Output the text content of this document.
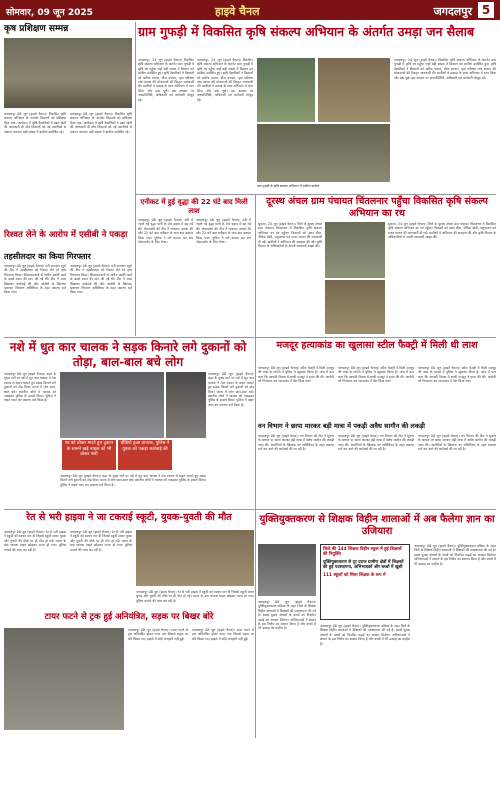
सोमवार, 09 जून 2025	हाइवे चैनल	जगदलपुर 5
कृष प्रशिक्षण सम्मन्न
जगदलपुर 08 जून (हाइवे चैनल)। विकसित कृषि संकल्प अभियान के अंतर्गत किसानों को प्रशिक्षण दिया गया। कार्यक्रम में कृषि वैज्ञानिकों ने उन्नत खेती की जानकारी दी और किसानों को नई तकनीकों से अवगत कराया। बड़ी संख्या में ग्रामीण उपस्थित रहे।
जगदलपुर 08 जून (हाइवे चैनल)। विकसित कृषि संकल्प अभियान के अंतर्गत किसानों को प्रशिक्षण दिया गया। कार्यक्रम में कृषि वैज्ञानिकों ने उन्नत खेती की जानकारी दी और किसानों को नई तकनीकों से अवगत कराया। बड़ी संख्या में ग्रामीण उपस्थित रहे।
ग्राम गुफड़ी में विकसित कृषि संकल्प अभियान के अंतर्गत उमड़ा जन सैलाब
जगदलपुर, 24 जून (हाइवे चैनल)। विकसित कृषि संकल्प अभियान के अंतर्गत ग्राम गुफड़ी में कृषि रथ पहुँचा जहाँ बड़ी संख्या में किसान एवं ग्रामीण उपस्थित हुए। कृषि वैज्ञानिकों ने किसानों को खरीफ फसल, बीज उपचार, मृदा परीक्षण तथा शासन की योजनाओं की विस्तृत जानकारी दी। ग्रामीणों ने उत्साह के साथ अभियान में भाग लिया और प्रश्न पूछे। इस अवसर पर जनप्रतिनिधि, अधिकारी एवं कर्मचारी मौजूद रहे।
जगदलपुर, 24 जून (हाइवे चैनल)। विकसित कृषि संकल्प अभियान के अंतर्गत ग्राम गुफड़ी में कृषि रथ पहुँचा जहाँ बड़ी संख्या में किसान एवं ग्रामीण उपस्थित हुए। कृषि वैज्ञानिकों ने किसानों को खरीफ फसल, बीज उपचार, मृदा परीक्षण तथा शासन की योजनाओं की विस्तृत जानकारी दी। ग्रामीणों ने उत्साह के साथ अभियान में भाग लिया और प्रश्न पूछे। इस अवसर पर जनप्रतिनिधि, अधिकारी एवं कर्मचारी मौजूद रहे।
ग्राम गुफड़ी के कृषि संकल्प अभियान में शामिल ग्रामीण
जगदलपुर, 24 जून (हाइवे चैनल)। विकसित कृषि संकल्प अभियान के अंतर्गत ग्राम गुफड़ी में कृषि रथ पहुँचा जहाँ बड़ी संख्या में किसान एवं ग्रामीण उपस्थित हुए। कृषि वैज्ञानिकों ने किसानों को खरीफ फसल, बीज उपचार, मृदा परीक्षण तथा शासन की योजनाओं की विस्तृत जानकारी दी। ग्रामीणों ने उत्साह के साथ अभियान में भाग लिया और प्रश्न पूछे। इस अवसर पर जनप्रतिनिधि, अधिकारी एवं कर्मचारी मौजूद रहे।
रिश्वत लेने के आरोप में एसीबी ने पकड़ा
तहसीलदार का किया गिरफ्तार
जगदलपुर 08 जून (हाइवे चैनल)। एंटी करप्शन ब्यूरो की टीम ने तहसीलदार को रिश्वत लेते रंगे हाथ गिरफ्तार किया। शिकायतकर्ता से जमीन संबंधी कार्य के बदले रकम की मांग की गई थी। टीम ने जाल बिछाकर कार्रवाई की और आरोपी के खिलाफ भ्रष्टाचार निवारण अधिनियम के तहत प्रकरण दर्ज किया गया।
जगदलपुर 08 जून (हाइवे चैनल)। एंटी करप्शन ब्यूरो की टीम ने तहसीलदार को रिश्वत लेते रंगे हाथ गिरफ्तार किया। शिकायतकर्ता से जमीन संबंधी कार्य के बदले रकम की मांग की गई थी। टीम ने जाल बिछाकर कार्रवाई की और आरोपी के खिलाफ भ्रष्टाचार निवारण अधिनियम के तहत प्रकरण दर्ज किया गया।
एनीकट में हुई वृद्धा की 22 घंटे बाद मिली लाश
जगदलपुर 08 जून (हाइवे चैनल)। नदी में नहाने गई वृद्धा पानी के तेज बहाव में बह गई थी। गोताखोरों की टीम ने लगातार तलाश की और 22 घंटे बाद एनीकट के पास शव बरामद किया गया। पुलिस ने मर्ग कायम कर शव पोस्टमार्टम के लिए भेजा।
जगदलपुर 08 जून (हाइवे चैनल)। नदी में नहाने गई वृद्धा पानी के तेज बहाव में बह गई थी। गोताखोरों की टीम ने लगातार तलाश की और 22 घंटे बाद एनीकट के पास शव बरामद किया गया। पुलिस ने मर्ग कायम कर शव पोस्टमार्टम के लिए भेजा।
दूरस्थ अंचल ग्राम पंचायत चिंतलनार पहुँचा विकसित कृषि संकल्प अभियान का रथ
सुकमा, 24 जून (हाइवे चैनल)। जिले के दूरस्थ अंचल ग्राम पंचायत चिंतलनार में विकसित कृषि संकल्प अभियान का रथ पहुँचा। किसानों को उन्नत बीज, जैविक खेती, पशुपालन एवं मत्स्य पालन की जानकारी दी गई। ग्रामीणों ने अभियान की सराहना की और कृषि विभाग के अधिकारियों से अपनी समस्याएँ साझा कीं।
सुकमा, 24 जून (हाइवे चैनल)। जिले के दूरस्थ अंचल ग्राम पंचायत चिंतलनार में विकसित कृषि संकल्प अभियान का रथ पहुँचा। किसानों को उन्नत बीज, जैविक खेती, पशुपालन एवं मत्स्य पालन की जानकारी दी गई। ग्रामीणों ने अभियान की सराहना की और कृषि विभाग के अधिकारियों से अपनी समस्याएँ साझा कीं।
मजदूर हत्याकांड का खुलासा स्टील फैक्ट्री में मिली थी लाश
जगदलपुर 08 जून (हाइवे चैनल)। स्टील फैक्ट्री में मिली मजदूर की लाश के मामले में पुलिस ने खुलासा किया है। जांच में पता चला कि आपसी विवाद में साथी मजदूर ने हत्या की थी। आरोपी को गिरफ्तार कर न्यायालय में पेश किया गया।
जगदलपुर 08 जून (हाइवे चैनल)। स्टील फैक्ट्री में मिली मजदूर की लाश के मामले में पुलिस ने खुलासा किया है। जांच में पता चला कि आपसी विवाद में साथी मजदूर ने हत्या की थी। आरोपी को गिरफ्तार कर न्यायालय में पेश किया गया।
जगदलपुर 08 जून (हाइवे चैनल)। स्टील फैक्ट्री में मिली मजदूर की लाश के मामले में पुलिस ने खुलासा किया है। जांच में पता चला कि आपसी विवाद में साथी मजदूर ने हत्या की थी। आरोपी को गिरफ्तार कर न्यायालय में पेश किया गया।
वन विभाग ने छापा मारकर बड़ी मात्रा में पकड़ी अवैध सागौन की लकड़ी
जगदलपुर 08 जून (हाइवे चैनल)। वन विभाग की टीम ने सूचना के आधार पर छापा मारकर बड़ी मात्रा में अवैध सागौन की लकड़ी जब्त की। आरोपियों के खिलाफ वन अधिनियम के तहत प्रकरण दर्ज कर आगे की कार्रवाई की जा रही है।
जगदलपुर 08 जून (हाइवे चैनल)। वन विभाग की टीम ने सूचना के आधार पर छापा मारकर बड़ी मात्रा में अवैध सागौन की लकड़ी जब्त की। आरोपियों के खिलाफ वन अधिनियम के तहत प्रकरण दर्ज कर आगे की कार्रवाई की जा रही है।
जगदलपुर 08 जून (हाइवे चैनल)। वन विभाग की टीम ने सूचना के आधार पर छापा मारकर बड़ी मात्रा में अवैध सागौन की लकड़ी जब्त की। आरोपियों के खिलाफ वन अधिनियम के तहत प्रकरण दर्ज कर आगे की कार्रवाई की जा रही है।
नशे में धुत कार चालक ने सड़क किनारे लगे दुकानों को तोड़ा, बाल-बाल बचे लोग
जगदलपुर 08 जून (हाइवे चैनल)। शहर के मुख्य मार्ग पर नशे में धुत कार चालक ने तेज रफ्तार से वाहन चलाते हुए सड़क किनारे लगे दुकानों को तोड़ दिया। घटना में लोग बाल-बाल बचे। स्थानीय लोगों ने चालक को पकड़कर पुलिस के हवाले किया। पुलिस ने वाहन जब्त कर प्रकरण दर्ज किया है।
जगदलपुर 08 जून (हाइवे चैनल)। शहर के मुख्य मार्ग पर नशे में धुत कार चालक ने तेज रफ्तार से वाहन चलाते हुए सड़क किनारे लगे दुकानों को तोड़ दिया। घटना में लोग बाल-बाल बचे। स्थानीय लोगों ने चालक को पकड़कर पुलिस के हवाले किया। पुलिस ने वाहन जब्त कर प्रकरण दर्ज किया है।
घर को ठोकर मारते हुए दुकान के सामने खड़े बाइक को भी ठोकर मारी
वीडियो हुआ वायरल, पुलिस ने युवक को पकड़ा कार्रवाई की
जगदलपुर 08 जून (हाइवे चैनल)। शहर के मुख्य मार्ग पर नशे में धुत कार चालक ने तेज रफ्तार से वाहन चलाते हुए सड़क किनारे लगे दुकानों को तोड़ दिया। घटना में लोग बाल-बाल बचे। स्थानीय लोगों ने चालक को पकड़कर पुलिस के हवाले किया। पुलिस ने वाहन जब्त कर प्रकरण दर्ज किया है।
रेत से भरी हाइवा ने जा टकराई स्कूटी, युवक-युवती की मौत
जगदलपुर 08 जून (हाइवे चैनल)। रेत से भरी हाइवा ने स्कूटी को टक्कर मार दी जिससे स्कूटी सवार युवक और युवती की मौके पर ही मौत हो गई। घटना के बाद चालक वाहन छोड़कर फरार हो गया। पुलिस मामले की जांच कर रही है।
जगदलपुर 08 जून (हाइवे चैनल)। रेत से भरी हाइवा ने स्कूटी को टक्कर मार दी जिससे स्कूटी सवार युवक और युवती की मौके पर ही मौत हो गई। घटना के बाद चालक वाहन छोड़कर फरार हो गया। पुलिस मामले की जांच कर रही है।
जगदलपुर 08 जून (हाइवे चैनल)। रेत से भरी हाइवा ने स्कूटी को टक्कर मार दी जिससे स्कूटी सवार युवक और युवती की मौके पर ही मौत हो गई। घटना के बाद चालक वाहन छोड़कर फरार हो गया। पुलिस मामले की जांच कर रही है।
टायर फटने से ट्रक हुई अनियंत्रित, सड़क पर बिखर बोरे
जगदलपुर 08 जून (हाइवे चैनल)। टायर फटने से ट्रक अनियंत्रित होकर पलट गया जिससे सड़क पर बोरे बिखर गए। हादसे में कोई जनहानि नहीं हुई।
जगदलपुर 08 जून (हाइवे चैनल)। टायर फटने से ट्रक अनियंत्रित होकर पलट गया जिससे सड़क पर बोरे बिखर गए। हादसे में कोई जनहानि नहीं हुई।
युक्तियुक्तकरण से शिक्षक विहीन शालाओं में अब फैलेगा ज्ञान का उजियारा
जिले की 144 शिक्षक विहीन स्कूल में हुई शिक्षकों की नियुक्ति
युक्तियुक्तकरण से दूर दराज ग्रामीण क्षेत्रों में शिक्षकों की हुई पदस्थापना, अभिभावकों और बच्चों में खुशी
111 स्कूलों को मिला शिक्षक के रूप में
जगदलपुर 08 जून (हाइवे चैनल)। युक्तियुक्तकरण प्रक्रिया के तहत जिले के शिक्षक विहीन शालाओं में शिक्षकों की पदस्थापना की गई है। इससे दूरस्थ अंचलों के बच्चों को नियमित पढ़ाई का अवसर मिलेगा। अभिभावकों ने शासन के इस निर्णय का स्वागत किया है और बच्चों में भी उत्साह का माहौल है।
जगदलपुर 08 जून (हाइवे चैनल)। युक्तियुक्तकरण प्रक्रिया के तहत जिले के शिक्षक विहीन शालाओं में शिक्षकों की पदस्थापना की गई है। इससे दूरस्थ अंचलों के बच्चों को नियमित पढ़ाई का अवसर मिलेगा। अभिभावकों ने शासन के इस निर्णय का स्वागत किया है और बच्चों में भी उत्साह का माहौल है।
जगदलपुर 08 जून (हाइवे चैनल)। युक्तियुक्तकरण प्रक्रिया के तहत जिले के शिक्षक विहीन शालाओं में शिक्षकों की पदस्थापना की गई है। इससे दूरस्थ अंचलों के बच्चों को नियमित पढ़ाई का अवसर मिलेगा। अभिभावकों ने शासन के इस निर्णय का स्वागत किया है और बच्चों में भी उत्साह का माहौल है।
